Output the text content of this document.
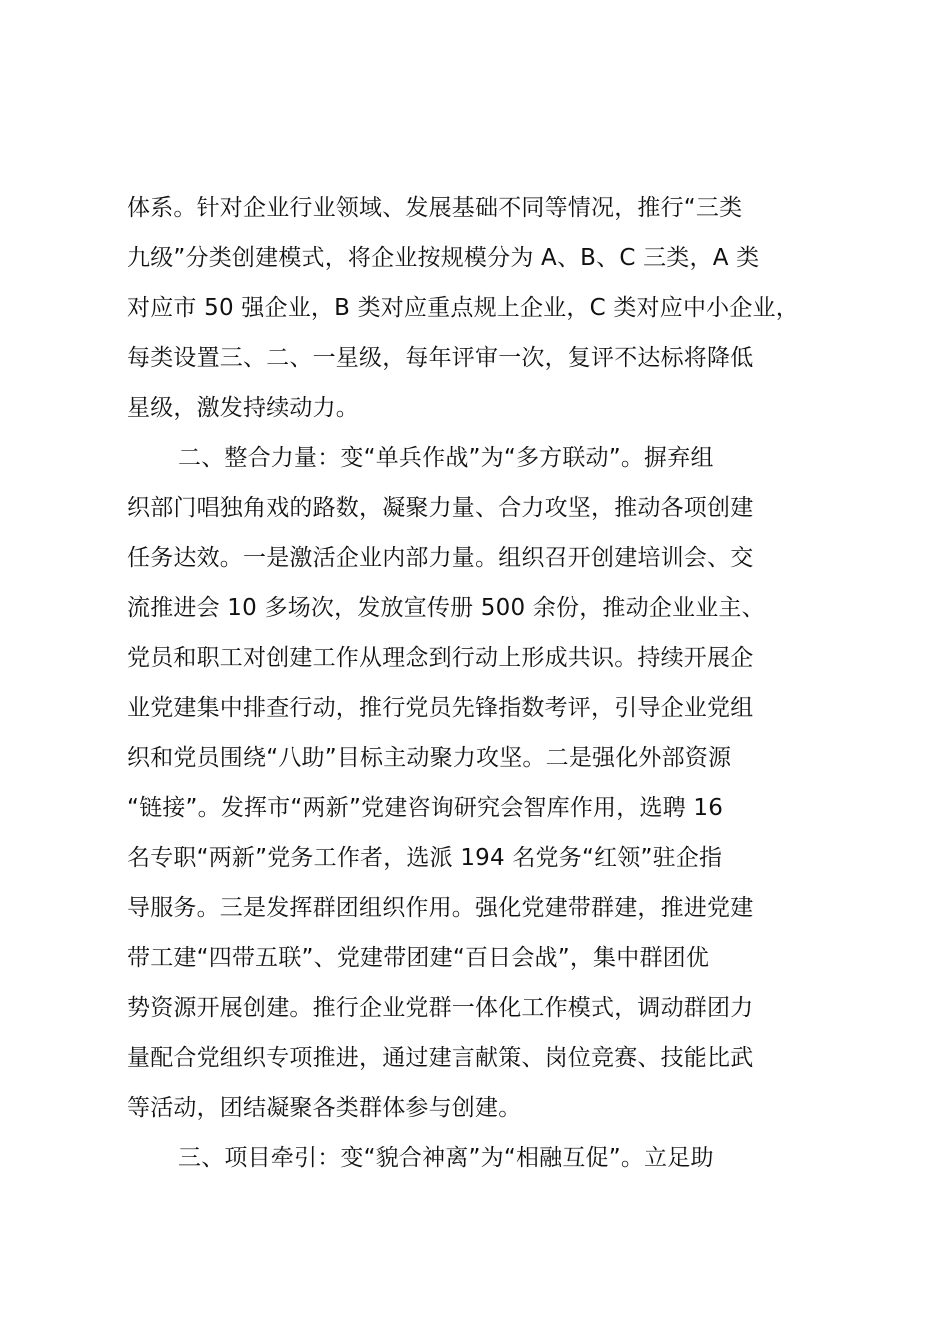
体系。针对企业行业领域、发展基础不同等情况，推行“三类
九级”分类创建模式，将企业按规模分为 A、B、C 三类，A 类
对应市 50 强企业，B 类对应重点规上企业，C 类对应中小企业，
每类设置三、二、一星级，每年评审一次，复评不达标将降低
星级，激发持续动力。
二、整合力量：变“单兵作战”为“多方联动”。摒弃组
织部门唱独角戏的路数，凝聚力量、合力攻坚，推动各项创建
任务达效。一是激活企业内部力量。组织召开创建培训会、交
流推进会 10 多场次，发放宣传册 500 余份，推动企业业主、
党员和职工对创建工作从理念到行动上形成共识。持续开展企
业党建集中排查行动，推行党员先锋指数考评，引导企业党组
织和党员围绕“八助”目标主动聚力攻坚。二是强化外部资源
“链接”。发挥市“两新”党建咨询研究会智库作用，选聘 16
名专职“两新”党务工作者，选派 194 名党务“红领”驻企指
导服务。三是发挥群团组织作用。强化党建带群建，推进党建
带工建“四带五联”、党建带团建“百日会战”，集中群团优
势资源开展创建。推行企业党群一体化工作模式，调动群团力
量配合党组织专项推进，通过建言献策、岗位竞赛、技能比武
等活动，团结凝聚各类群体参与创建。
三、项目牵引：变“貌合神离”为“相融互促”。立足助
